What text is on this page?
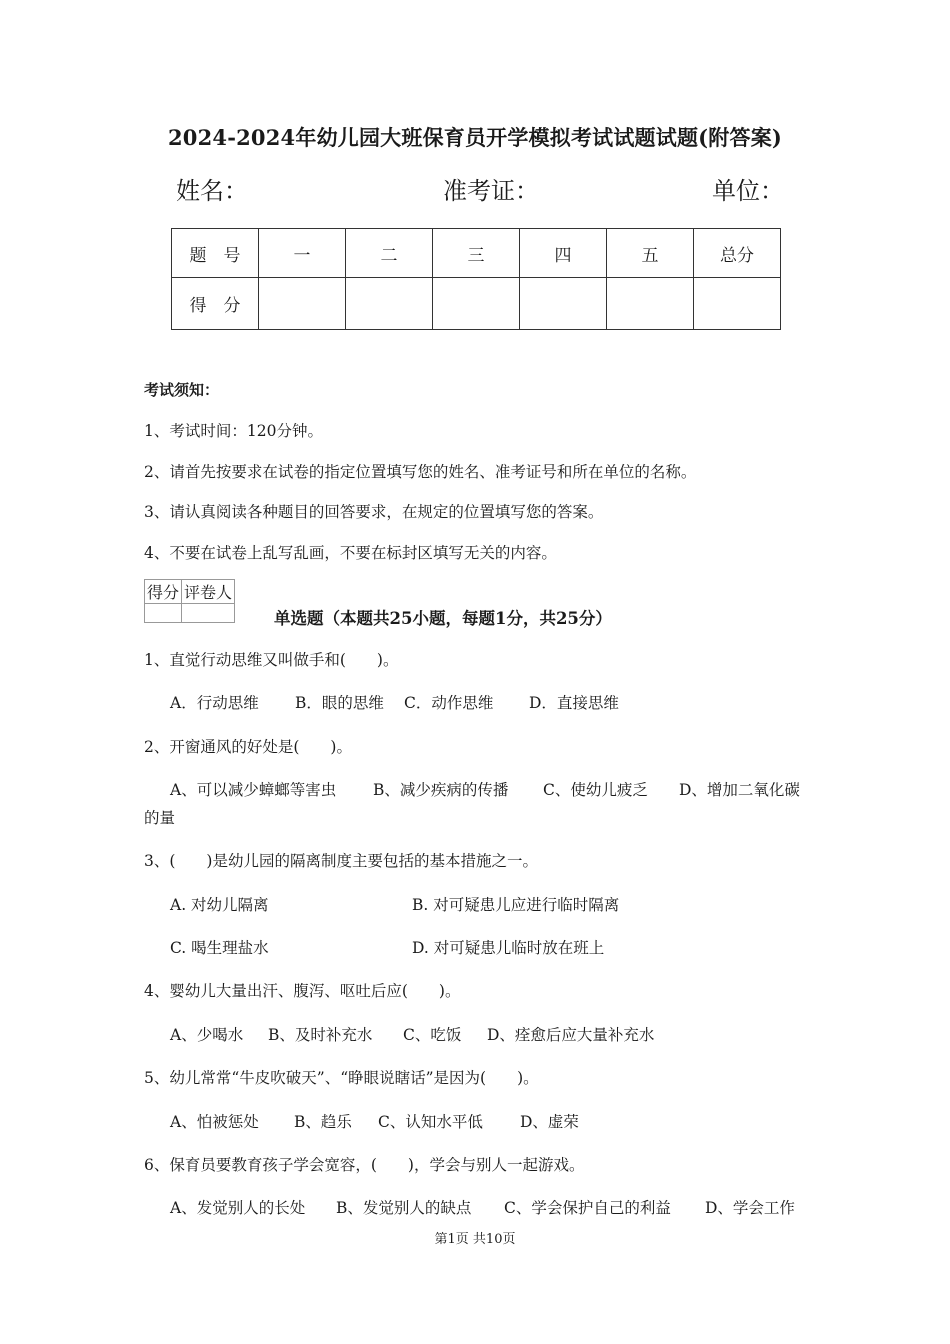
2024-2024年幼儿园大班保育员开学模拟考试试题试题(附答案)
姓名：	准考证：	单位：
题　号	一	二	三	四	五	总分
得　分						
考试须知：
1、考试时间：120分钟。
2、请首先按要求在试卷的指定位置填写您的姓名、准考证号和所在单位的名称。
3、请认真阅读各种题目的回答要求，在规定的位置填写您的答案。
4、不要在试卷上乱写乱画，不要在标封区填写无关的内容。
得分	评卷人

单选题（本题共25小题，每题1分，共25分）
1、直觉行动思维又叫做手和(　　)。
A．行动思维 B．眼的思维 C．动作思维 D．直接思维
2、开窗通风的好处是(　　)。
A、可以减少蟑螂等害虫 B、减少疾病的传播 C、使幼儿疲乏 D、增加二氧化碳
的量
3、(　　)是幼儿园的隔离制度主要包括的基本措施之一。
A. 对幼儿隔离	B. 对可疑患儿应进行临时隔离
C. 喝生理盐水	D. 对可疑患儿临时放在班上
4、婴幼儿大量出汗、腹泻、呕吐后应(　　)。
A、少喝水 B、及时补充水 C、吃饭 D、痊愈后应大量补充水
5、幼儿常常“牛皮吹破天”、“睁眼说瞎话”是因为(　　)。
A、怕被惩处 B、趋乐 C、认知水平低 D、虚荣
6、保育员要教育孩子学会宽容，(　　)，学会与别人一起游戏。
A、发觉别人的长处 B、发觉别人的缺点 C、学会保护自己的利益 D、学会工作
第1页 共10页
